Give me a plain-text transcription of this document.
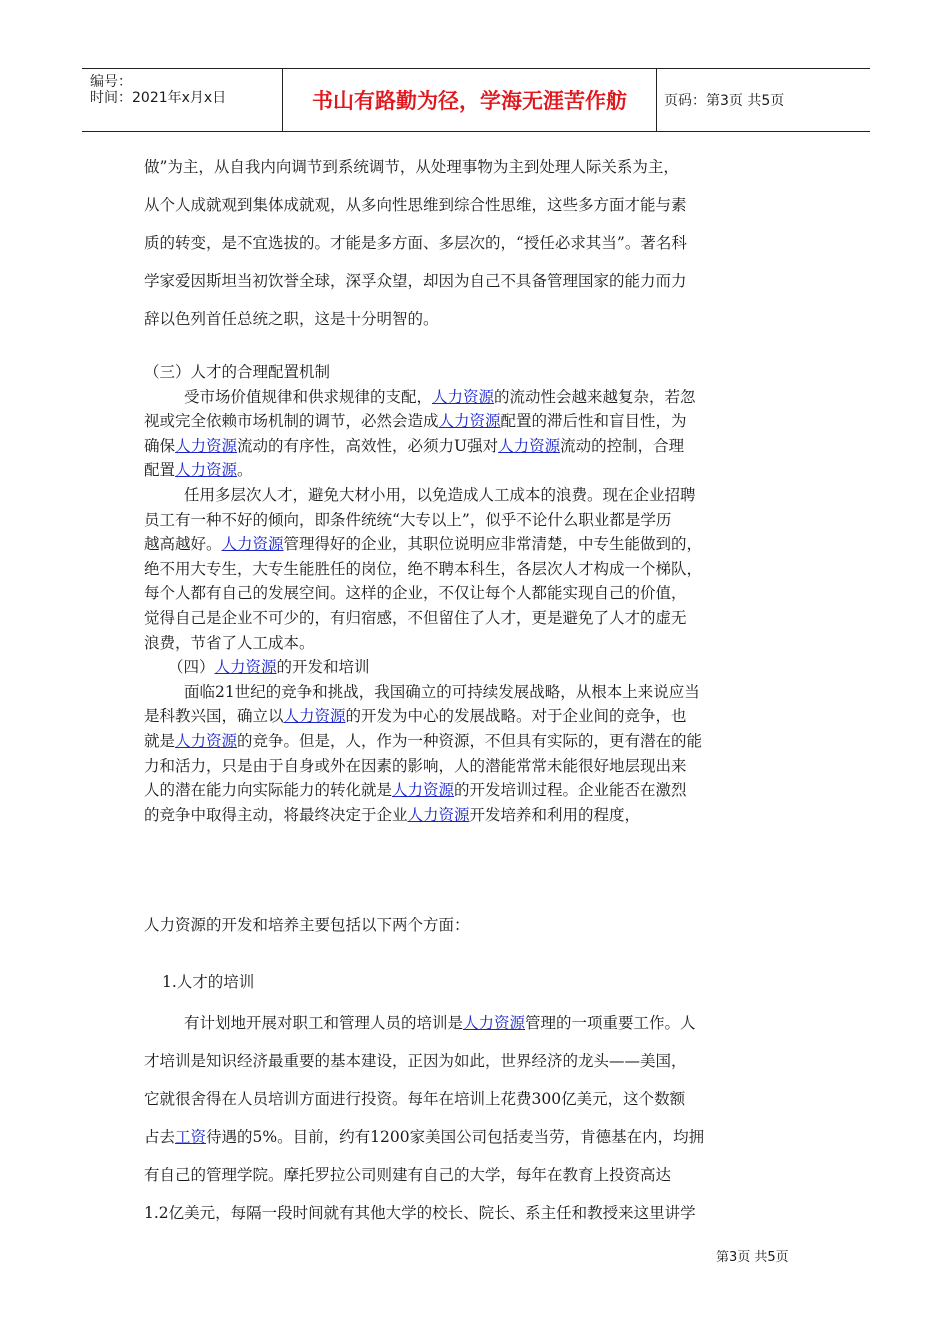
编号：
时间：2021年x月x日	书山有路勤为径，学海无涯苦作舫	页码：第3页 共5页
做”为主，从自我内向调节到系统调节，从处理事物为主到处理人际关系为主，
从个人成就观到集体成就观，从多向性思维到综合性思维，这些多方面才能与素
质的转变，是不宜选拔的。才能是多方面、多层次的，“授任必求其当”。著名科
学家爱因斯坦当初饮誉全球，深孚众望，却因为自己不具备管理国家的能力而力
辞以色列首任总统之职，这是十分明智的。
（三）人才的合理配置机制
受市场价值规律和供求规律的支配，人力资源的流动性会越来越复杂，若忽
视或完全依赖市场机制的调节，必然会造成人力资源配置的滞后性和盲目性，为
确保人力资源流动的有序性，高效性，必须力U强对人力资源流动的控制，合理
配置人力资源。
任用多层次人才，避免大材小用，以免造成人工成本的浪费。现在企业招聘
员工有一种不好的倾向，即条件统统“大专以上”，似乎不论什么职业都是学历
越高越好。人力资源管理得好的企业，其职位说明应非常清楚，中专生能做到的，
绝不用大专生，大专生能胜任的岗位，绝不聘本科生，各层次人才构成一个梯队，
每个人都有自己的发展空间。这样的企业，不仅让每个人都能实现自己的价值，
觉得自己是企业不可少的，有归宿感，不但留住了人才，更是避免了人才的虚无
浪费，节省了人工成本。
（四）人力资源的开发和培训
面临21世纪的竞争和挑战，我国确立的可持续发展战略，从根本上来说应当
是科教兴国，确立以人力资源的开发为中心的发展战略。对于企业间的竞争，也
就是人力资源的竞争。但是，人，作为一种资源，不但具有实际的，更有潜在的能
力和活力，只是由于自身或外在因素的影响，人的潜能常常未能很好地层现出来
人的潜在能力向实际能力的转化就是人力资源的开发培训过程。企业能否在激烈
的竞争中取得主动，将最终决定于企业人力资源开发培养和利用的程度，
人力资源的开发和培养主要包括以下两个方面：
1.人才的培训
有计划地开展对职工和管理人员的培训是人力资源管理的一项重要工作。人
才培训是知识经济最重要的基本建设，正因为如此，世界经济的龙头——美国，
它就很舍得在人员培训方面进行投资。每年在培训上花费300亿美元，这个数额
占去工资待遇的5%。目前，约有1200家美国公司包括麦当劳，肯德基在内，均拥
有自己的管理学院。摩托罗拉公司则建有自己的大学，每年在教育上投资高达
1.2亿美元，每隔一段时间就有其他大学的校长、院长、系主任和教授来这里讲学
第3页 共5页
